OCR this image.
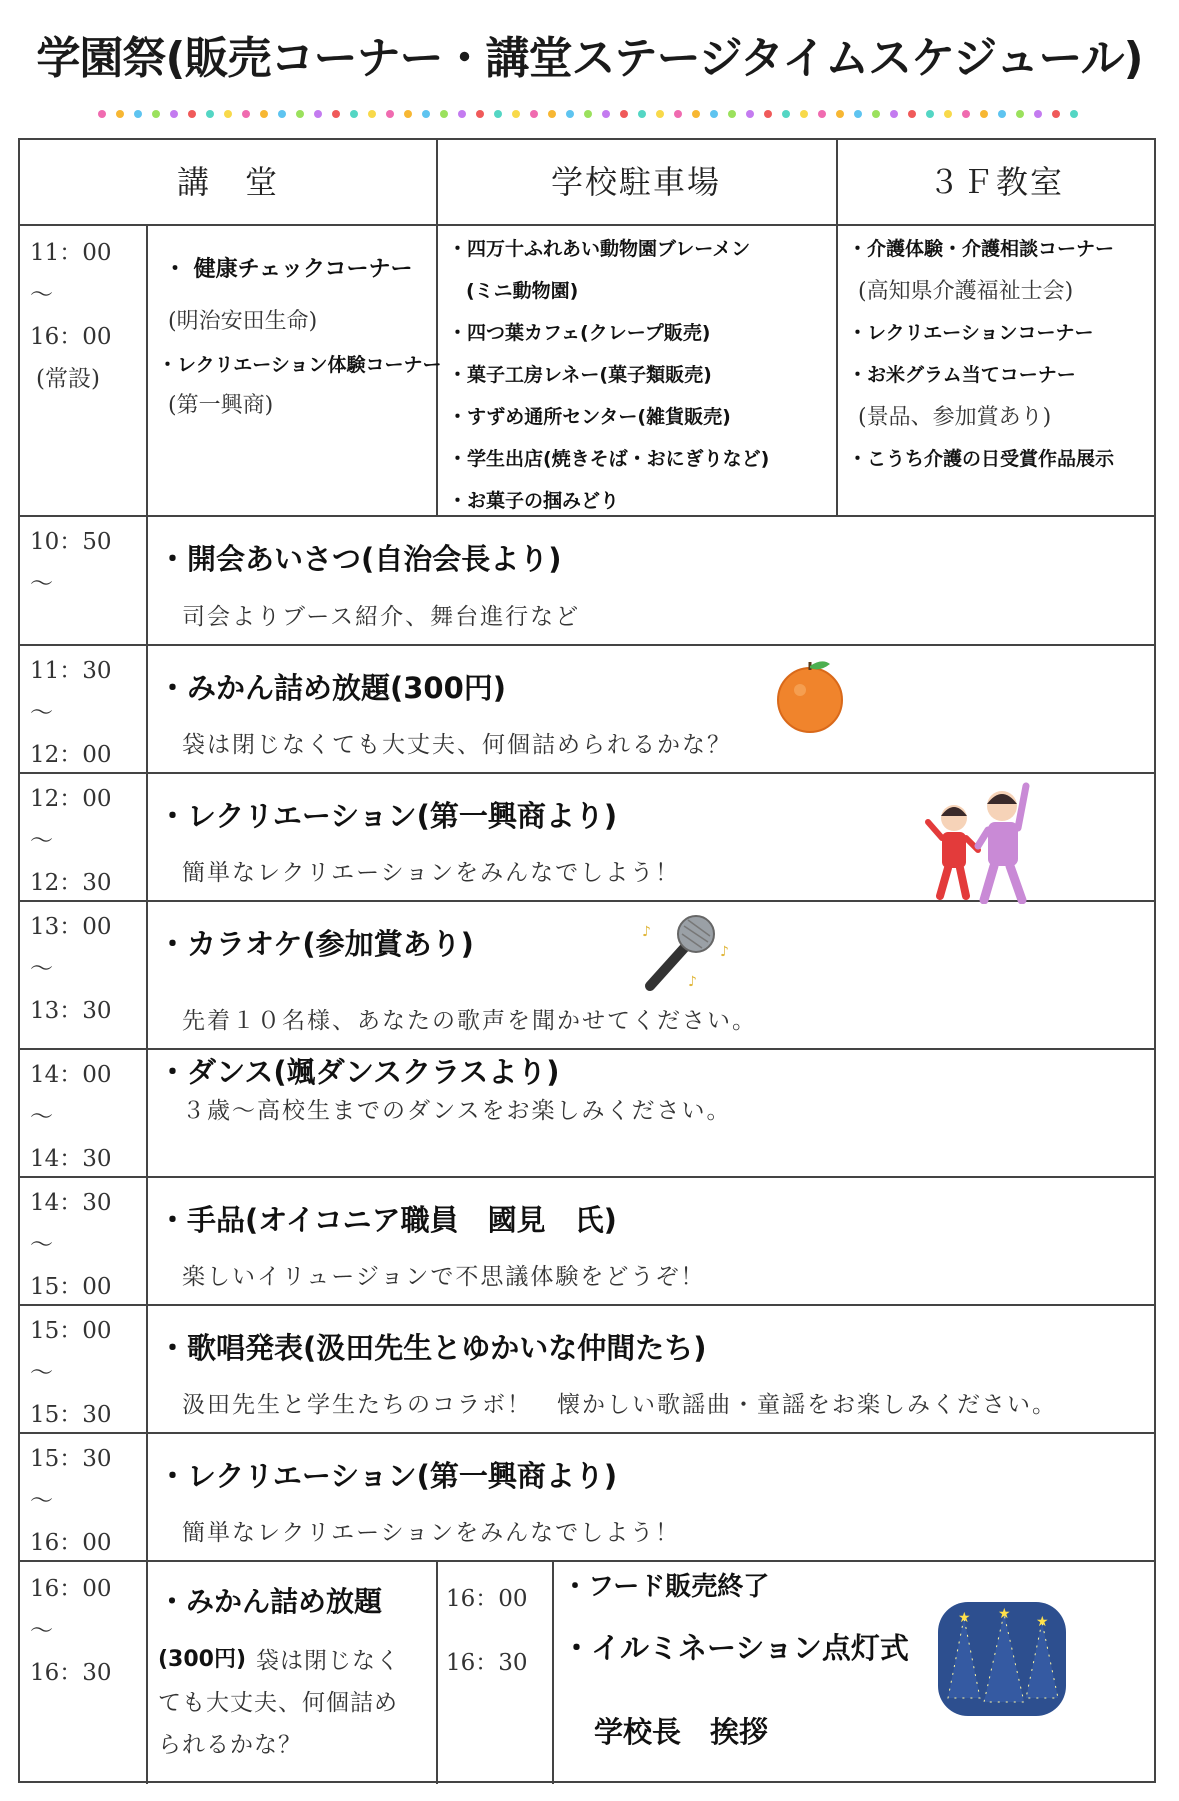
学園祭(販売コーナー・講堂ステージタイムスケジュール)
講　堂	学校駐車場	３Ｆ教室
11：00
～
16：00
(常設)
・ 健康チェックコーナー
(明治安田生命)
・レクリエーション体験コーナー
(第一興商)
・四万十ふれあい動物園ブレーメン
(ミニ動物園)
・四つ葉カフェ(クレープ販売)
・菓子工房レネー(菓子類販売)
・すずめ通所センター(雑貨販売)
・学生出店(焼きそば・おにぎりなど)
・お菓子の掴みどり
・介護体験・介護相談コーナー
(高知県介護福祉士会)
・レクリエーションコーナー
・お米グラム当てコーナー
(景品、参加賞あり)
・こうち介護の日受賞作品展示
10：50
～
・開会あいさつ(自治会長より)
司会よりブース紹介、舞台進行など
11：30
～
12：00
・みかん詰め放題(300円)
袋は閉じなくても大丈夫、何個詰められるかな？
12：00
～
12：30
・レクリエーション(第一興商より)
簡単なレクリエーションをみんなでしよう！
13：00
～
13：30
・カラオケ(参加賞あり)
先着１０名様、あなたの歌声を聞かせてください。
14：00
～
14：30
・ダンス(颯ダンスクラスより)
３歳～高校生までのダンスをお楽しみください。
14：30
～
15：00
・手品(オイコニア職員　國見　氏)
楽しいイリュージョンで不思議体験をどうぞ！
15：00
～
15：30
・歌唱発表(汲田先生とゆかいな仲間たち)
汲田先生と学生たちのコラボ！　懐かしい歌謡曲・童謡をお楽しみください。
15：30
～
16：00
・レクリエーション(第一興商より)
簡単なレクリエーションをみんなでしよう！
16：00
～
16：30
・みかん詰め放題
(300円) 袋は閉じなく
ても大丈夫、何個詰め
られるかな？
16：00
16：30
・フード販売終了
・イルミネーション点灯式
学校長　挨拶
♪
♪
♪
★ ★ ★
